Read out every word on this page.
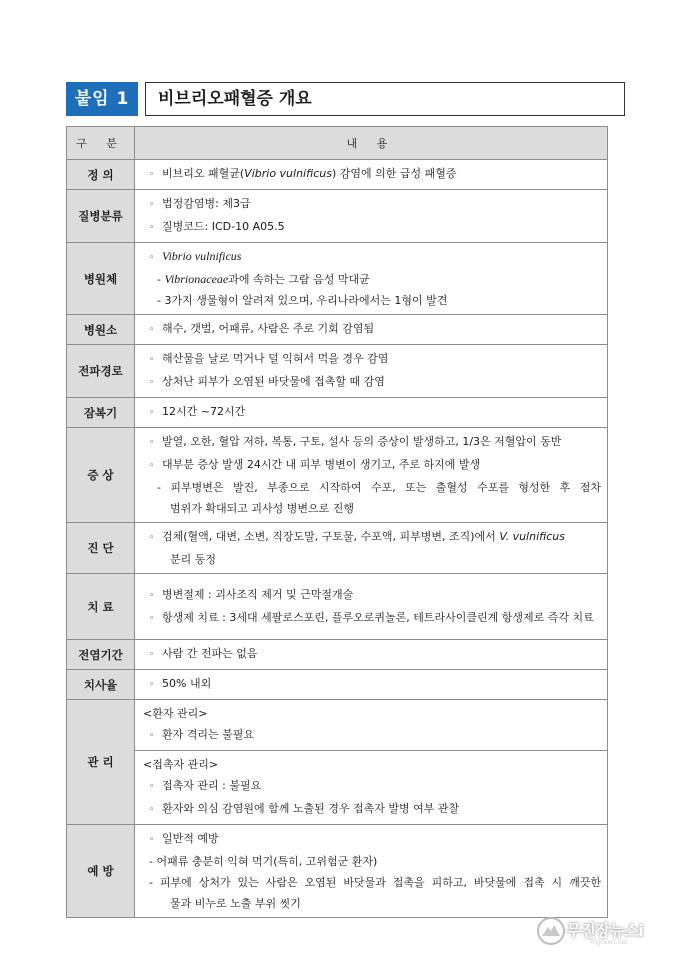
붙임 1	비브리오패혈증 개요
구 분	내 용
정 의	◦ 비브리오 패혈균(Vibrio vulnificus) 감염에 의한 급성 패혈증

질병분류	◦ 법정감염병: 제3급
◦ 질병코드: ICD-10 A05.5

병원체	◦ Vibrio vulnificus
- Vibrionaceae과에 속하는 그람 음성 막대균
- 3가지 생물형이 알려져 있으며, 우리나라에서는 1형이 발견

병원소	◦ 해수, 갯벌, 어패류, 사람은 주로 기회 감염됨

전파경로	◦ 해산물을 날로 먹거나 덜 익혀서 먹을 경우 감염
◦ 상처난 피부가 오염된 바닷물에 접촉할 때 감염

잠복기	◦ 12시간 ~72시간

증 상	◦ 발열, 오한, 혈압 저하, 복통, 구토, 설사 등의 증상이 발생하고, 1/3은 저혈압이 동반
◦ 대부분 증상 발생 24시간 내 피부 병변이 생기고, 주로 하지에 발생
- 피부병변은 발진, 부종으로 시작하여 수포, 또는 출혈성 수포를 형성한 후 점차
범위가 확대되고 괴사성 병변으로 진행

진 단	◦ 검체(혈액, 대변, 소변, 직장도말, 구토물, 수포액, 피부병변, 조직)에서 V. vulnificus
분리 동정

치 료	◦ 병변절제 : 괴사조직 제거 및 근막절개술
◦ 항생제 치료 : 3세대 세팔로스포린, 플루오로퀴놀론, 테트라사이클린계 항생제로 즉각 치료

전염기간	◦ 사람 간 전파는 없음

치사율	◦ 50% 내외

관 리	<환자 관리>
◦ 환자 격리는 불필요

	<접촉자 관리>
◦ 접촉자 관리 : 불필요
◦ 환자와 의심 감염원에 함께 노출된 경우 접촉자 발병 여부 관찰

예 방	◦ 일반적 예방
- 어패류 충분히 익혀 먹기(특히, 고위험군 환자)
- 피부에 상처가 있는 사람은 오염된 바닷물과 접촉을 피하고, 바닷물에 접촉 시 깨끗한
물과 비누로 노출 부위 씻기
무진장뉴스i
mjjnews.net
